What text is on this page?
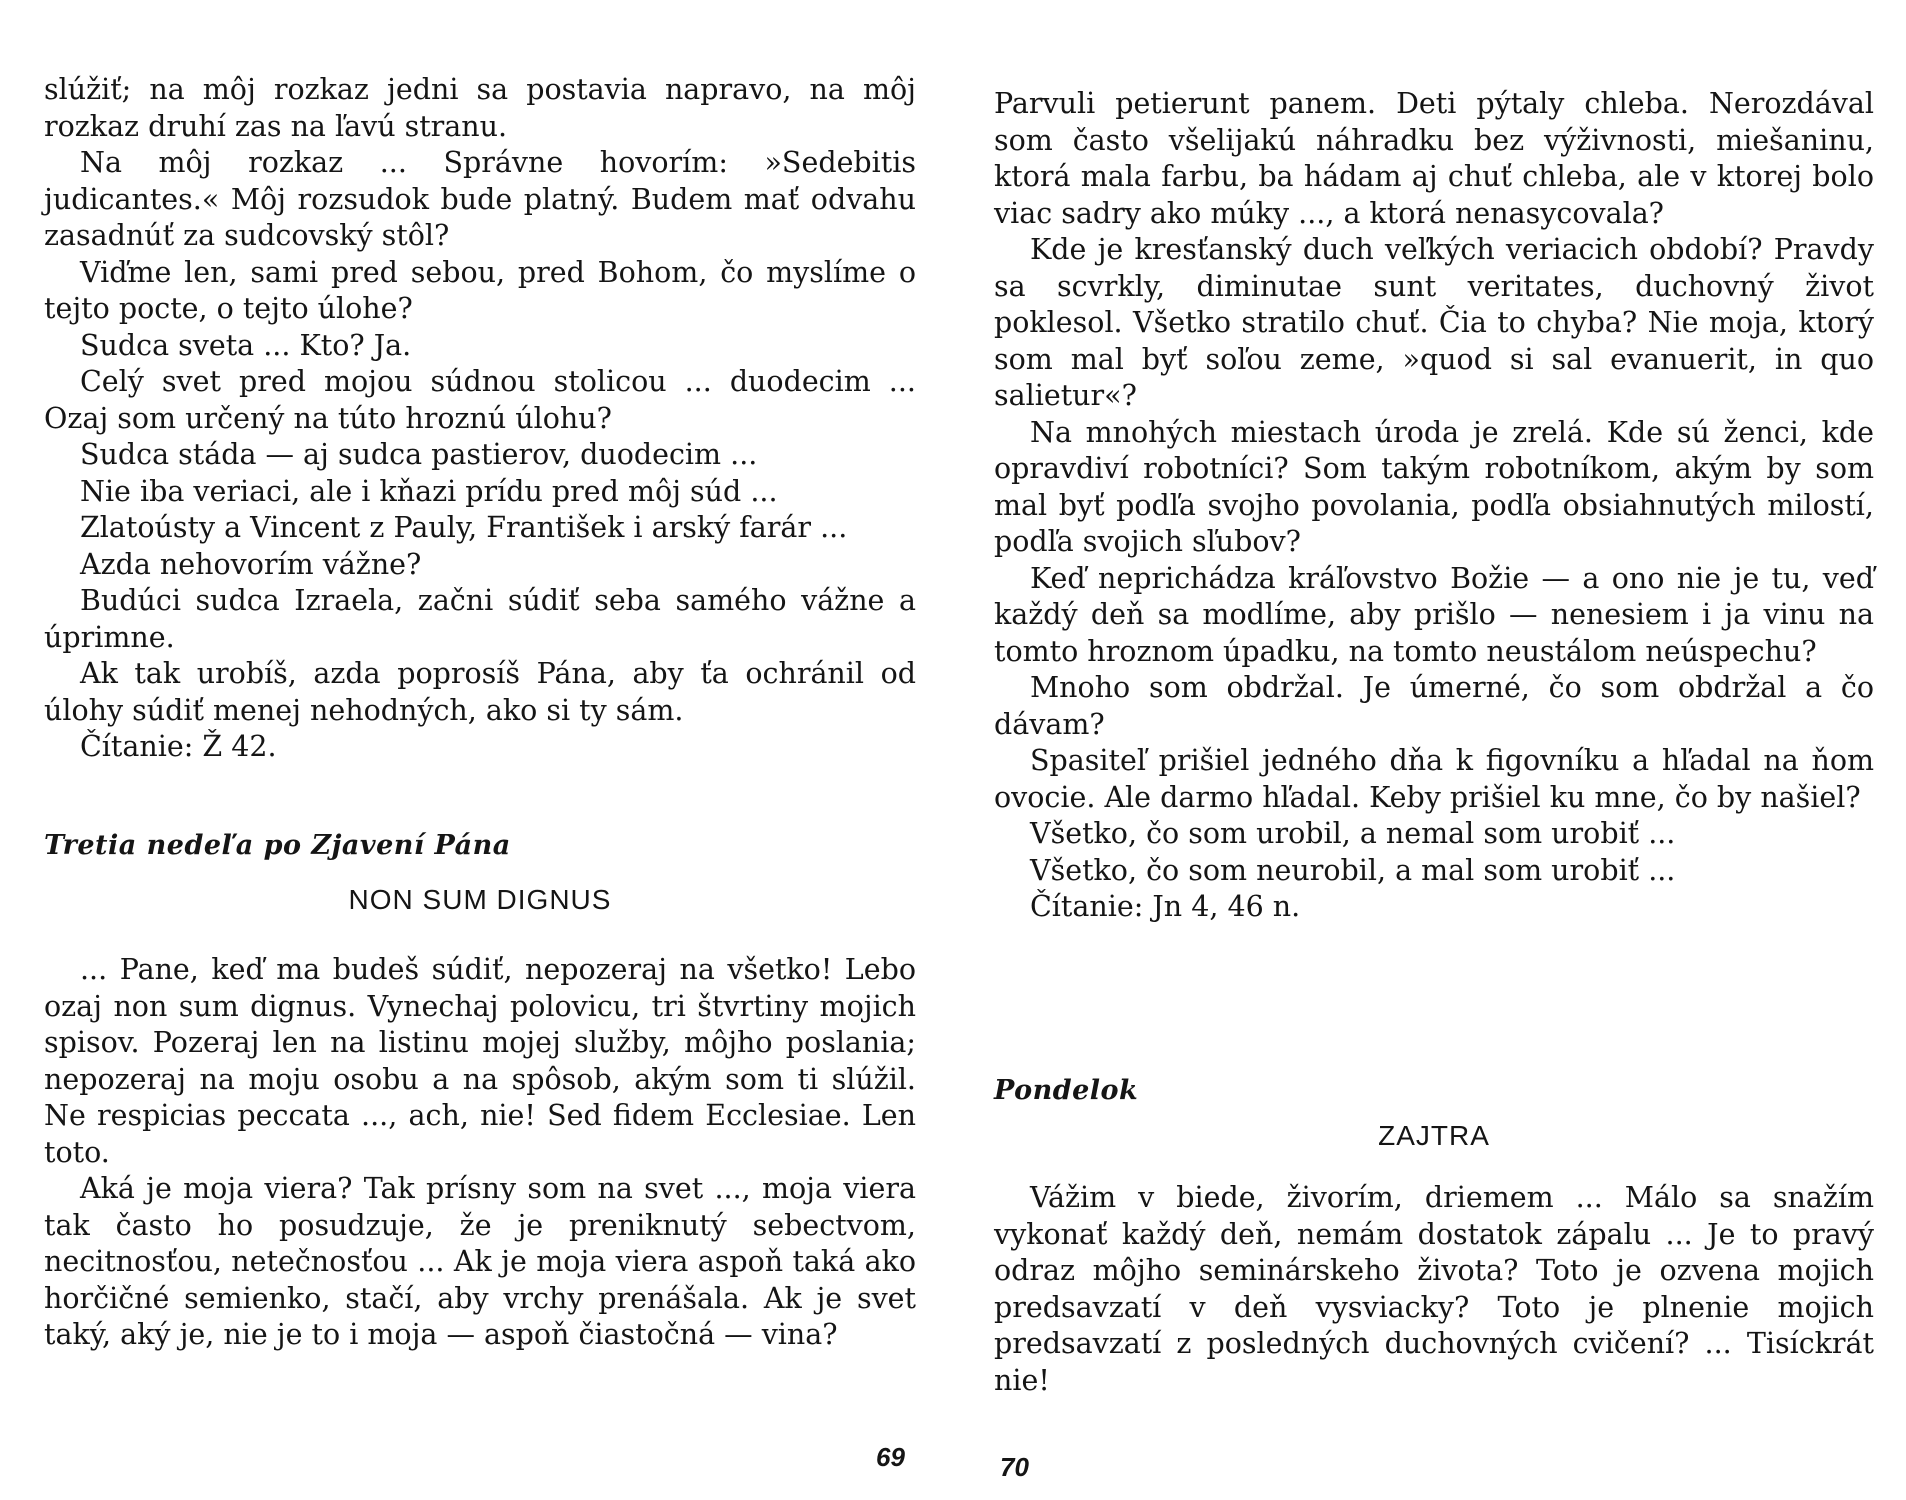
slúžiť; na môj rozkaz jedni sa postavia napravo, na môj rozkaz druhí zas na ľavú stranu.

Na môj rozkaz ... Správne hovorím: »Sedebitis judicantes.« Môj rozsudok bude platný. Budem mať odvahu zasadnúť za sudcovský stôl?

Viďme len, sami pred sebou, pred Bohom, čo myslíme o tejto pocte, o tejto úlohe?

Sudca sveta ... Kto? Ja.

Celý svet pred mojou súdnou stolicou ... duodecim ... Ozaj som určený na túto hroznú úlohu?

Sudca stáda — aj sudca pastierov, duodecim ...

Nie iba veriaci, ale i kňazi prídu pred môj súd ...

Zlatoústy a Vincent z Pauly, František i arský farár ...

Azda nehovorím vážne?

Budúci sudca Izraela, začni súdiť seba samého vážne a úprimne.

Ak tak urobíš, azda poprosíš Pána, aby ťa ochránil od úlohy súdiť menej nehodných, ako si ty sám.

Čítanie: Ž 42.

Tretia nedeľa po Zjavení Pána
NON SUM DIGNUS

... Pane, keď ma budeš súdiť, nepozeraj na všetko! Lebo ozaj non sum dignus. Vynechaj polovicu, tri štvrtiny mojich spisov. Pozeraj len na listinu mojej služby, môjho poslania; nepozeraj na moju osobu a na spôsob, akým som ti slúžil. Ne respicias peccata ..., ach, nie! Sed fidem Ecclesiae. Len toto.

Aká je moja viera? Tak prísny som na svet ..., moja viera tak často ho posudzuje, že je preniknutý sebectvom, necitnosťou, netečnosťou ... Ak je moja viera aspoň taká ako horčičné semienko, stačí, aby vrchy prenášala. Ak je svet taký, aký je, nie je to i moja — aspoň čiastočná — vina?

69

Parvuli petierunt panem. Deti pýtaly chleba. Nerozdával som často všelijakú náhradku bez výživnosti, miešaninu, ktorá mala farbu, ba hádam aj chuť chleba, ale v ktorej bolo viac sadry ako múky ..., a ktorá nenasycovala?

Kde je kresťanský duch veľkých veriacich období? Pravdy sa scvrkly, diminutae sunt veritates, duchovný život poklesol. Všetko stratilo chuť. Čia to chyba? Nie moja, ktorý som mal byť soľou zeme, »quod si sal evanuerit, in quo salietur«?

Na mnohých miestach úroda je zrelá. Kde sú ženci, kde opravdiví robotníci? Som takým robotníkom, akým by som mal byť podľa svojho povolania, podľa obsiahnutých milostí, podľa svojich sľubov?

Keď neprichádza kráľovstvo Božie — a ono nie je tu, veď každý deň sa modlíme, aby prišlo — nenesiem i ja vinu na tomto hroznom úpadku, na tomto neustálom neúspechu?

Mnoho som obdržal. Je úmerné, čo som obdržal a čo dávam?

Spasiteľ prišiel jedného dňa k figovníku a hľadal na ňom ovocie. Ale darmo hľadal. Keby prišiel ku mne, čo by našiel?

Všetko, čo som urobil, a nemal som urobiť ...

Všetko, čo som neurobil, a mal som urobiť ...

Čítanie: Jn 4, 46 n.

Pondelok
ZAJTRA

Vážim v biede, živorím, driemem ... Málo sa snažím vykonať každý deň, nemám dostatok zápalu ... Je to pravý odraz môjho seminárskeho života? Toto je ozvena mojich predsavzatí v deň vysviacky? Toto je plnenie mojich predsavzatí z posledných duchovných cvičení? ... Tisíckrát nie!

70
